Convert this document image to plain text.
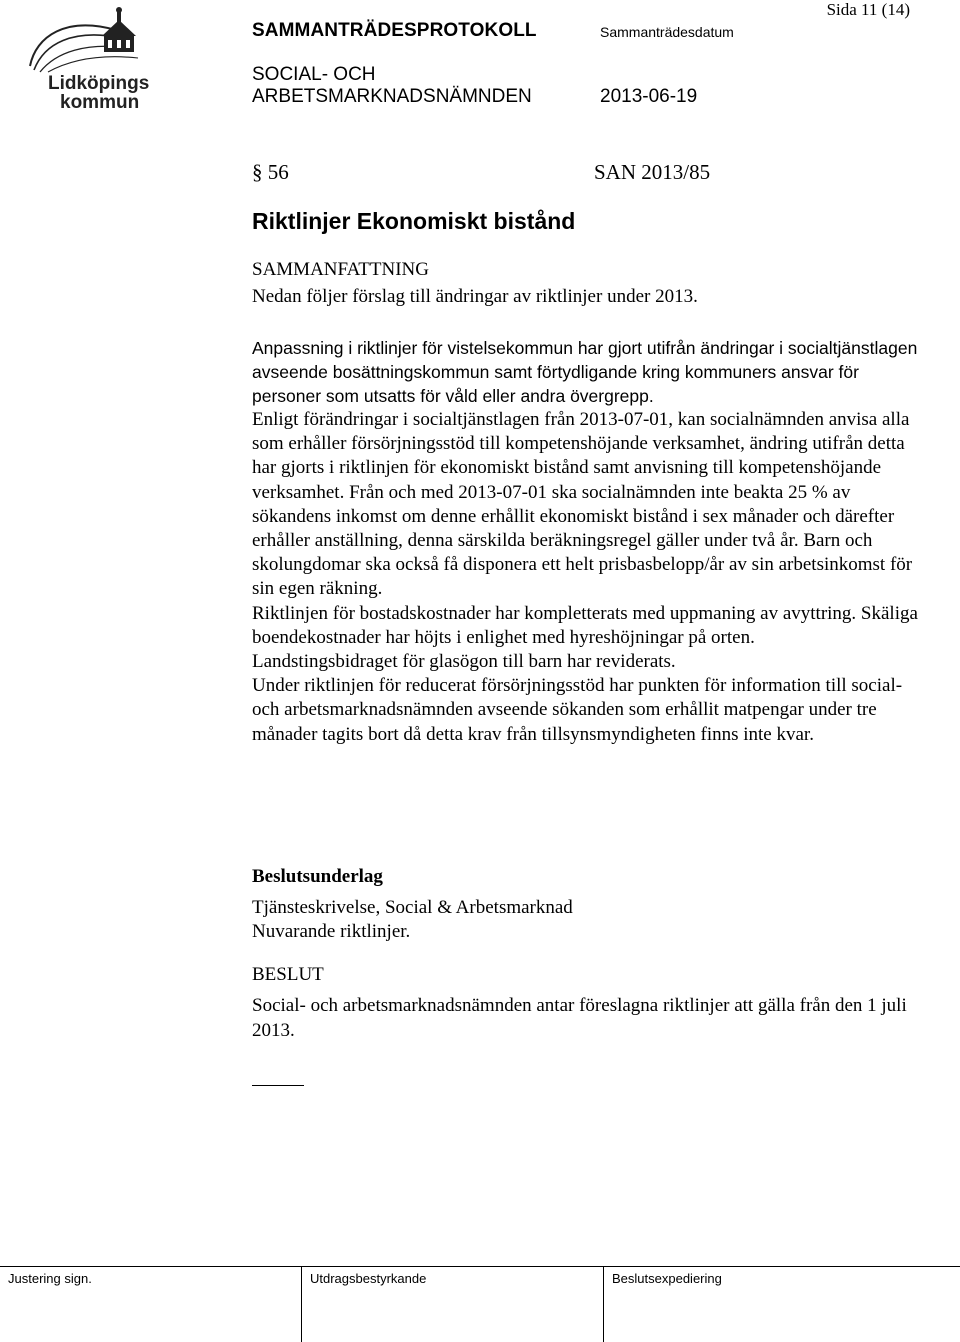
Lidköpings
kommun
Sida 11 (14)
SAMMANTRÄDESPROTOKOLL	Sammanträdesdatum
SOCIAL- OCH
ARBETSMARKNADSNÄMNDEN	2013-06-19
§ 56	SAN 2013/85
Riktlinjer Ekonomiskt bistånd
SAMMANFATTNING
Nedan följer förslag till ändringar av riktlinjer under 2013.
Anpassning i riktlinjer för vistelsekommun har gjort utifrån ändringar i socialtjänstlagen avseende bosättningskommun samt förtydligande kring kommuners ansvar för personer som utsatts för våld eller andra övergrepp.
Enligt förändringar i socialtjänstlagen från 2013-07-01, kan socialnämnden anvisa alla som erhåller försörjningsstöd till kompetenshöjande verksamhet, ändring utifrån detta har gjorts i riktlinjen för ekonomiskt bistånd samt anvisning till kompetenshöjande verksamhet. Från och med 2013-07-01 ska socialnämnden inte beakta 25 % av sökandens inkomst om denne erhållit ekonomiskt bistånd i sex månader och därefter erhåller anställning, denna särskilda beräkningsregel gäller under två år. Barn och skolungdomar ska också få disponera ett helt prisbasbelopp/år av sin arbetsinkomst för sin egen räkning.
Riktlinjen för bostadskostnader har kompletterats med uppmaning av avyttring. Skäliga boendekostnader har höjts i enlighet med hyreshöjningar på orten.
Landstingsbidraget för glasögon till barn har reviderats.
Under riktlinjen för reducerat försörjningsstöd har punkten för information till social- och arbetsmarknadsnämnden avseende sökanden som erhållit matpengar under tre månader tagits bort då detta krav från tillsynsmyndigheten finns inte kvar.
Beslutsunderlag
Tjänsteskrivelse, Social & Arbetsmarknad
Nuvarande riktlinjer.
BESLUT
Social- och arbetsmarknadsnämnden antar föreslagna riktlinjer att gälla från den 1 juli 2013.
Justering sign.	Utdragsbestyrkande	Beslutsexpediering
